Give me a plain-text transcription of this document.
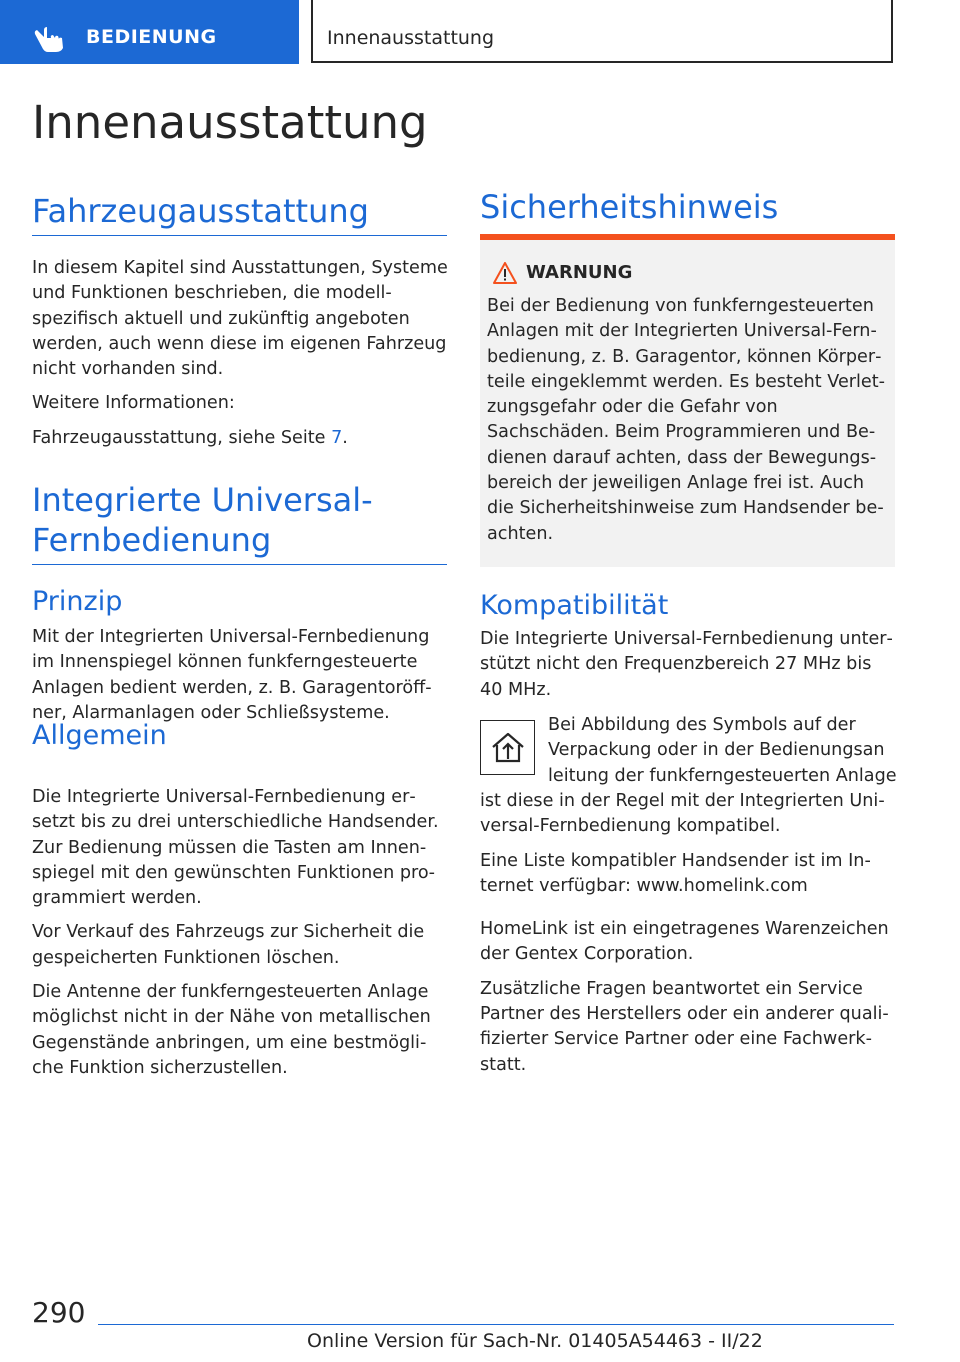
BEDIENUNG	Innenausstattung
Innenausstattung
Fahrzeugausstattung

In diesem Kapitel sind Ausstattungen, Systeme und Funktionen beschrieben, die modellspezifisch aktuell und zukünftig angeboten werden, auch wenn diese im eigenen Fahrzeug nicht vorhanden sind.

Weitere Informationen:

Fahrzeugausstattung, siehe Seite 7.

Integrierte Universal-
Fernbedienung
Prinzip

Mit der Integrierten Universal-Fernbedienung im Innenspiegel können funkferngesteuerte Anlagen bedient werden, z. B. Garagentoröffner, Alarmanlagen oder Schließsysteme.

Allgemein

Die Integrierte Universal-Fernbedienung ersetzt bis zu drei unterschiedliche Handsender. Zur Bedienung müssen die Tasten am Innenspiegel mit den gewünschten Funktionen programmiert werden.

Vor Verkauf des Fahrzeugs zur Sicherheit die gespeicherten Funktionen löschen.

Die Antenne der funkferngesteuerten Anlage möglichst nicht in der Nähe von metallischen Gegenstände anbringen, um eine bestmögliche Funktion sicherzustellen.

Sicherheitshinweis
WARNUNG

Bei der Bedienung von funkferngesteuerten Anlagen mit der Integrierten Universal-Fernbedienung, z. B. Garagentor, können Körperteile eingeklemmt werden. Es besteht Verletzungsgefahr oder die Gefahr von Sachschäden. Beim Programmieren und Bedienen darauf achten, dass der Bewegungsbereich der jeweiligen Anlage frei ist. Auch die Sicherheitshinweise zum Handsender beachten.

Kompatibilität

Die Integrierte Universal-Fernbedienung unterstützt nicht den Frequenzbereich 27 MHz bis 40 MHz.

Bei Abbildung des Symbols auf der
Verpackung oder in der Bedienungsan
leitung der funkferngesteuerten Anlage

ist diese in der Regel mit der Integrierten Universal-Fernbedienung kompatibel.

Eine Liste kompatibler Handsender ist im Internet verfügbar: www.homelink.com

HomeLink ist ein eingetragenes Warenzeichen der Gentex Corporation.

Zusätzliche Fragen beantwortet ein Service Partner des Herstellers oder ein anderer qualifizierter Service Partner oder eine Fachwerkstatt.

290
Online Version für Sach-Nr. 01405A54463 - II/22
